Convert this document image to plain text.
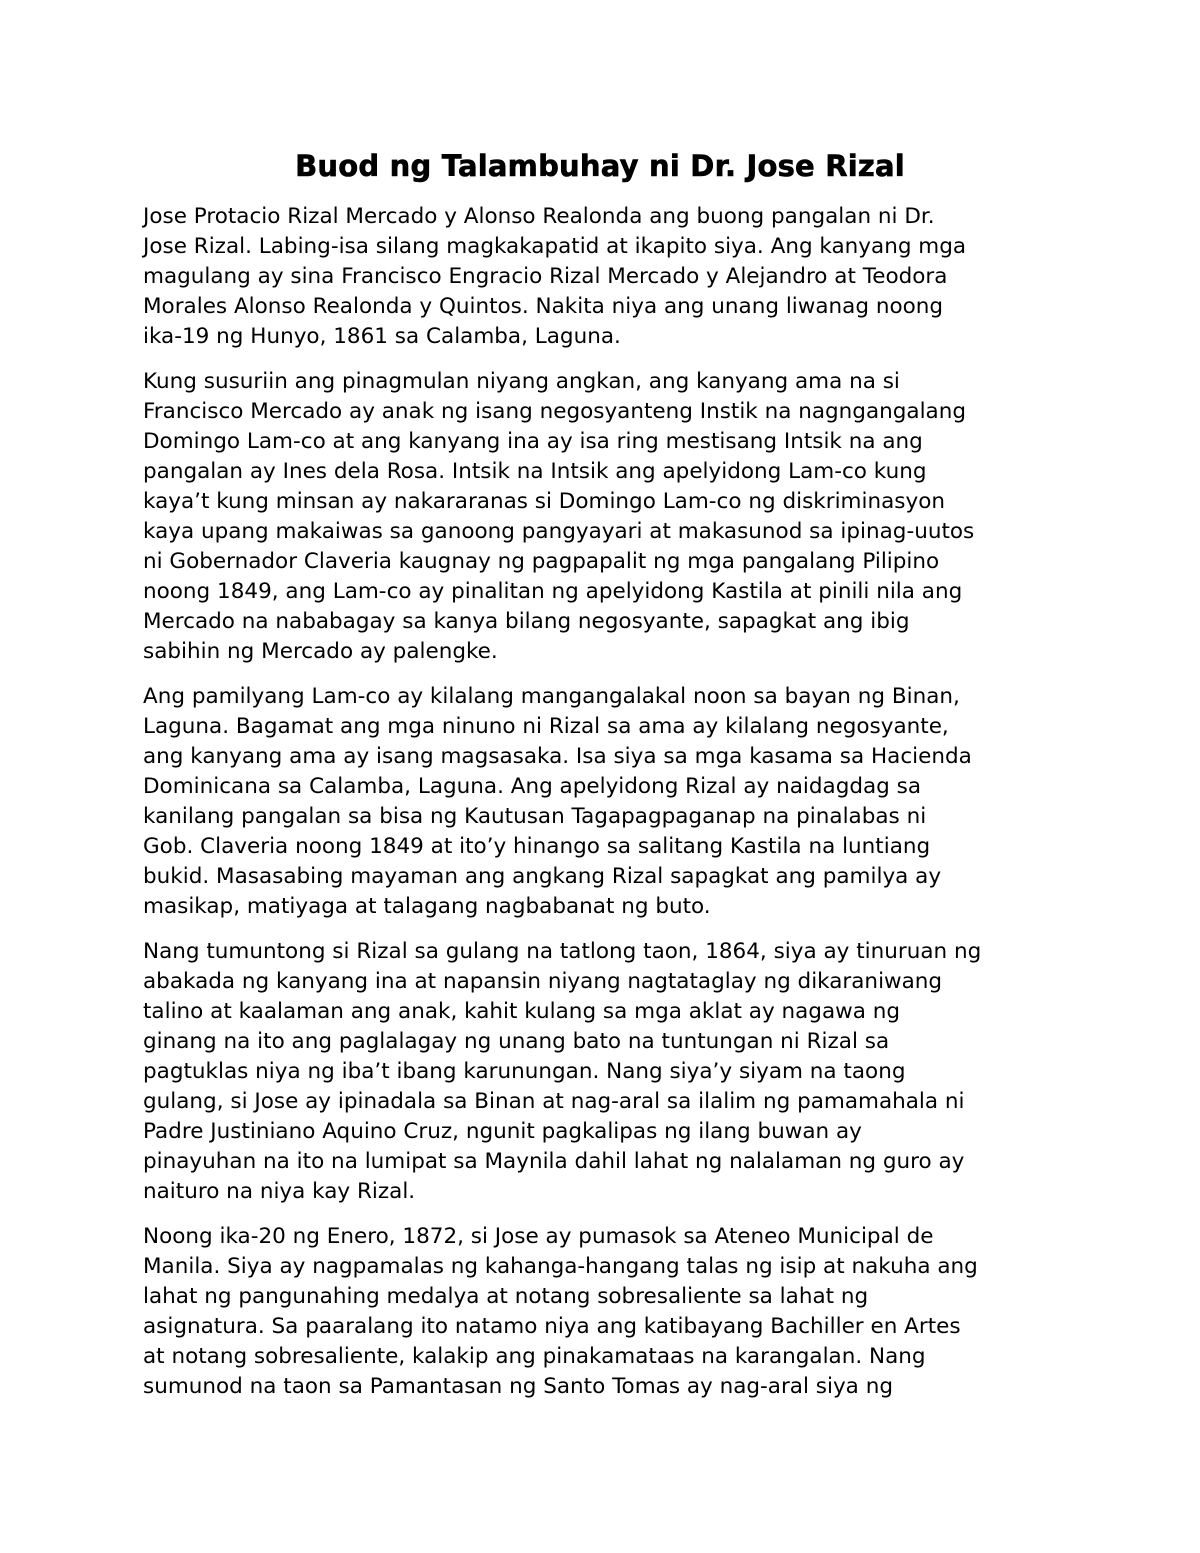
Buod ng Talambuhay ni Dr. Jose Rizal

Jose Protacio Rizal Mercado y Alonso Realonda ang buong pangalan ni Dr.
Jose Rizal. Labing-isa silang magkakapatid at ikapito siya. Ang kanyang mga
magulang ay sina Francisco Engracio Rizal Mercado y Alejandro at Teodora
Morales Alonso Realonda y Quintos. Nakita niya ang unang liwanag noong
ika-19 ng Hunyo, 1861 sa Calamba, Laguna.

Kung susuriin ang pinagmulan niyang angkan, ang kanyang ama na si
Francisco Mercado ay anak ng isang negosyanteng Instik na nagngangalang
Domingo Lam-co at ang kanyang ina ay isa ring mestisang Intsik na ang
pangalan ay Ines dela Rosa. Intsik na Intsik ang apelyidong Lam-co kung
kaya’t kung minsan ay nakararanas si Domingo Lam-co ng diskriminasyon
kaya upang makaiwas sa ganoong pangyayari at makasunod sa ipinag-uutos
ni Gobernador Claveria kaugnay ng pagpapalit ng mga pangalang Pilipino
noong 1849, ang Lam-co ay pinalitan ng apelyidong Kastila at pinili nila ang
Mercado na nababagay sa kanya bilang negosyante, sapagkat ang ibig
sabihin ng Mercado ay palengke.

Ang pamilyang Lam-co ay kilalang mangangalakal noon sa bayan ng Binan,
Laguna. Bagamat ang mga ninuno ni Rizal sa ama ay kilalang negosyante,
ang kanyang ama ay isang magsasaka. Isa siya sa mga kasama sa Hacienda
Dominicana sa Calamba, Laguna. Ang apelyidong Rizal ay naidagdag sa
kanilang pangalan sa bisa ng Kautusan Tagapagpaganap na pinalabas ni
Gob. Claveria noong 1849 at ito’y hinango sa salitang Kastila na luntiang
bukid. Masasabing mayaman ang angkang Rizal sapagkat ang pamilya ay
masikap, matiyaga at talagang nagbabanat ng buto.

Nang tumuntong si Rizal sa gulang na tatlong taon, 1864, siya ay tinuruan ng
abakada ng kanyang ina at napansin niyang nagtataglay ng dikaraniwang
talino at kaalaman ang anak, kahit kulang sa mga aklat ay nagawa ng
ginang na ito ang paglalagay ng unang bato na tuntungan ni Rizal sa
pagtuklas niya ng iba’t ibang karunungan. Nang siya’y siyam na taong
gulang, si Jose ay ipinadala sa Binan at nag-aral sa ilalim ng pamamahala ni
Padre Justiniano Aquino Cruz, ngunit pagkalipas ng ilang buwan ay
pinayuhan na ito na lumipat sa Maynila dahil lahat ng nalalaman ng guro ay
naituro na niya kay Rizal.

Noong ika-20 ng Enero, 1872, si Jose ay pumasok sa Ateneo Municipal de
Manila. Siya ay nagpamalas ng kahanga-hangang talas ng isip at nakuha ang
lahat ng pangunahing medalya at notang sobresaliente sa lahat ng
asignatura. Sa paaralang ito natamo niya ang katibayang Bachiller en Artes
at notang sobresaliente, kalakip ang pinakamataas na karangalan. Nang
sumunod na taon sa Pamantasan ng Santo Tomas ay nag-aral siya ng
